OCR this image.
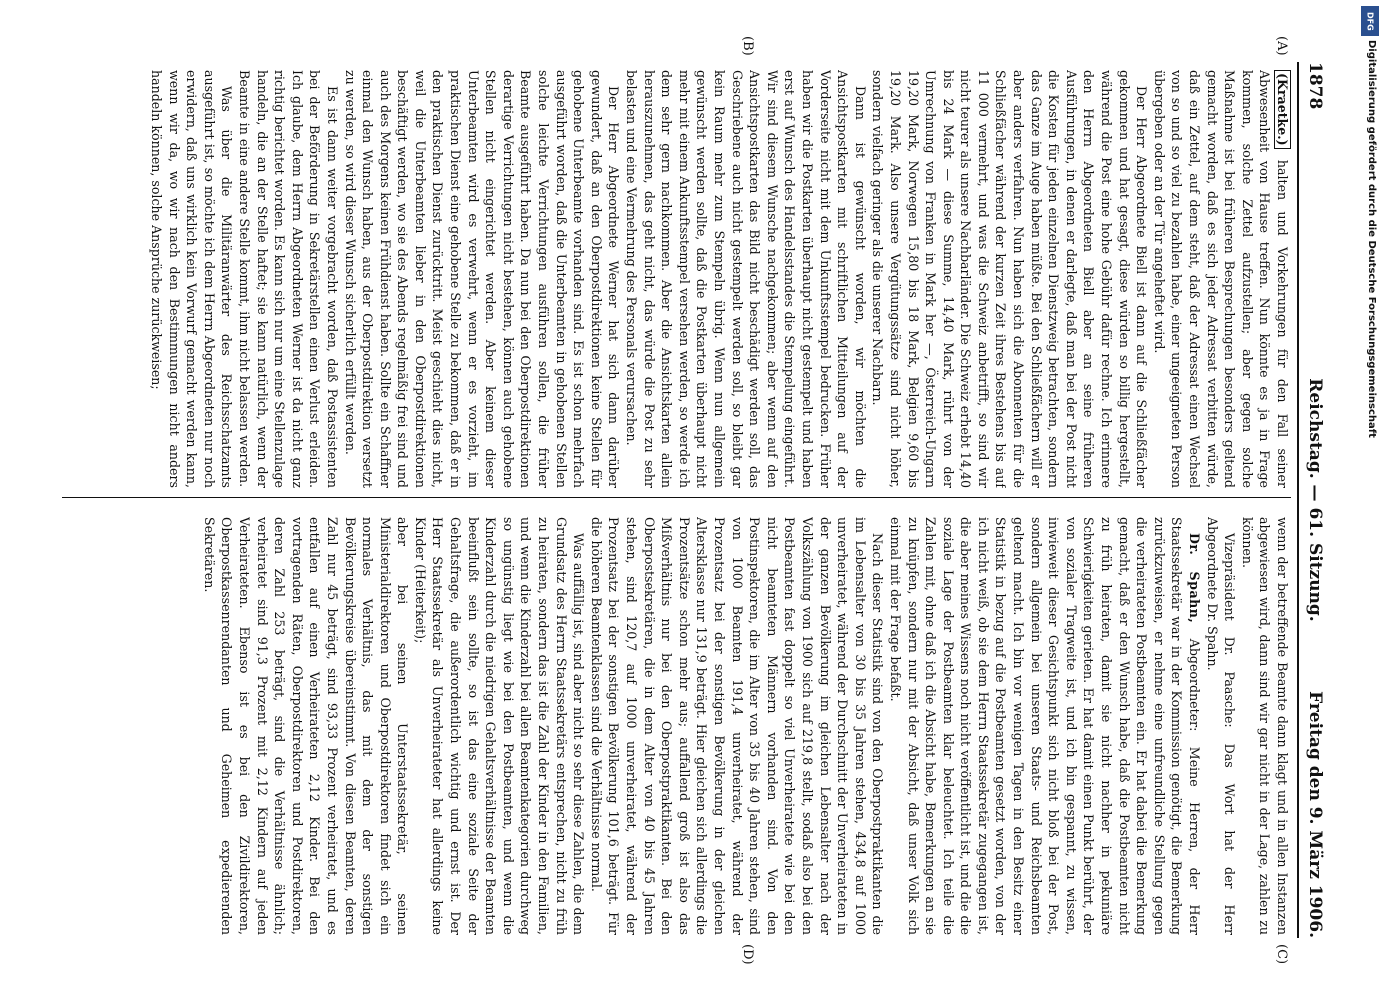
1878
Reichstag. — 61. Sitzung.
Freitag den 9. März 1906.
(A)
(B)
(C)
(D)

(Kraetke.) halten und Vorkehrungen für den Fall seiner Abwesenheit von Hause treffen. Nun könnte es ja in Frage kommen, solche Zettel aufzustellen; aber gegen solche Maßnahme ist bei früheren Besprechungen besonders geltend gemacht worden, daß es sich jeder Adressat verbitten würde, daß ein Zettel, auf dem steht, daß der Adressat einen Wechsel von so und so viel zu bezahlen habe, einer ungeeigneten Person übergeben oder an der Tür angeheftet wird.

Der Herr Abgeordnete Biell ist dann auf die Schließfächer gekommen und hat gesagt, diese würden so billig hergestellt, während die Post eine hohe Gebühr dafür rechne. Ich erinnere den Herrn Abgeordneten Biell aber an seine früheren Ausführungen, in denen er darlegte, daß man bei der Post nicht die Kosten für jeden einzelnen Dienstzweig betrachten, sondern das Ganze im Auge haben müßte. Bei den Schließfächern will er aber anders verfahren. Nun haben sich die Abonnenten für die Schließfächer während der kurzen Zeit ihres Bestehens bis auf 11 000 vermehrt, und was die Schweiz anbetrifft, so sind wir nicht teurer als unsere Nachbarländer. Die Schweiz erhebt 14,40 bis 24 Mark — diese Summe, 14,40 Mark, rührt von der Umrechnung von Franken in Mark her —, Österreich-Ungarn 19,20 Mark, Norwegen 15,80 bis 18 Mark, Belgien 9,60 bis 19,20 Mark. Also unsere Vergütungssätze sind nicht höher, sondern vielfach geringer als die unserer Nachbarn.

Dann ist gewünscht worden, wir möchten die Ansichtspostkarten mit schriftlichen Mitteilungen auf der Vorderseite nicht mit dem Unkunftsstempel bedrucken. Früher haben wir die Postkarten überhaupt nicht gestempelt und haben erst auf Wunsch des Handelsstandes die Stempelung eingeführt. Wir sind diesem Wunsche nachgekommen; aber wenn auf den Ansichtspostkarten das Bild nicht beschädigt werden soll, das Geschriebene auch nicht gestempelt werden soll, so bleibt gar kein Raum mehr zum Stempeln übrig. Wenn nun allgemein gewünscht werden sollte, daß die Postkarten überhaupt nicht mehr mit einem Ankunftsstempel versehen werden, so werde ich dem sehr gern nachkommen. Aber die Ansichtskarten allein herauszunehmen, das geht nicht, das würde die Post zu sehr belasten und eine Vermehrung des Personals verursachen.

Der Herr Abgeordnete Werner hat sich dann darüber gewundert, daß an den Oberpostdirektionen keine Stellen für gehobene Unterbeamte vorhanden sind. Es ist schon mehrfach ausgeführt worden, daß die Unterbeamten in gehobenen Stellen solche leichte Verrichtungen ausführen sollen, die früher Beamte ausgeführt haben. Da nun bei den Oberpostdirektionen derartige Verrichtungen nicht bestehen, können auch gehobene Stellen nicht eingerichtet werden. Aber keinem dieser Unterbeamten wird es verwehrt, wenn er es vorzieht, im praktischen Dienst eine gehobene Stelle zu bekommen, daß er in den praktischen Dienst zurücktritt. Meist geschieht dies nicht, weil die Unterbeamten lieber in den Oberpostdirektionen beschäftigt werden, wo sie des Abends regelmäßig frei sind und auch des Morgens keinen Frühdienst haben. Sollte ein Schaffner einmal den Wunsch haben, aus der Oberpostdirektion versetzt zu werden, so wird dieser Wunsch sicherlich erfüllt werden.

Es ist dann weiter vorgebracht worden, daß Postassistenten bei der Beförderung in Sekretärstellen einen Verlust erleiden. Ich glaube, dem Herrn Abgeordneten Werner ist da nicht ganz richtig berichtet worden. Es kann sich nur um eine Stellenzulage handeln, die an der Stelle haftet; sie kann natürlich, wenn der Beamte in eine andere Stelle kommt, ihm nicht belassen werden.

Was über die Militäranwärter des Reichsschatzamts ausgeführt ist, so möchte ich dem Herrn Abgeordneten nur noch erwidern, daß uns wirklich kein Vorwurf gemacht werden kann, wenn wir da, wo wir nach den Bestimmungen nicht anders handeln können, solche Ansprüche zurückweisen;

wenn der betreffende Beamte dann klagt und in allen Instanzen abgewiesen wird, dann sind wir gar nicht in der Lage, zahlen zu können.

Vizepräsident Dr. Paasche: Das Wort hat der Herr Abgeordnete Dr. Spahn.

Dr. Spahn, Abgeordneter: Meine Herren, der Herr Staatssekretär war in der Kommission genötigt, die Bemerkung zurückzuweisen, er nehme eine unfreundliche Stellung gegen die verheirateten Postbeamten ein. Er hat dabei die Bemerkung gemacht, daß er den Wunsch habe, daß die Postbeamten nicht zu früh heiraten, damit sie nicht nachher in pekuniäre Schwierigkeiten gerieten. Er hat damit einen Punkt berührt, der von sozialer Tragweite ist, und ich bin gespannt, zu wissen, inwieweit dieser Gesichtspunkt sich nicht bloß bei der Post, sondern allgemein bei unseren Staats- und Reichsbeamten geltend macht. Ich bin vor wenigen Tagen in den Besitz einer Statistik in bezug auf die Postbeamten gesetzt worden, von der ich nicht weiß, ob sie dem Herrn Staatssekretär zugegangen ist, die aber meines Wissens noch nicht veröffentlicht ist, und die die soziale Lage der Postbeamten klar beleuchtet. Ich teile die Zahlen mit, ohne daß ich die Absicht habe, Bemerkungen an sie zu knüpfen, sondern nur mit der Absicht, daß unser Volk sich einmal mit der Frage befaßt.

Nach dieser Statistik sind von den Oberpostpraktikanten die im Lebensalter von 30 bis 35 Jahren stehen, 434,8 auf 1000 unverheiratet, während der Durchschnitt der Unverheirateten in der ganzen Bevölkerung im gleichen Lebensalter nach der Volkszählung von 1900 sich auf 219,8 stellt, sodaß also bei den Postbeamten fast doppelt so viel Unverheiratete wie bei den nicht beamteten Männern vorhanden sind. Von den Postinspektoren, die im Alter von 35 bis 40 Jahren stehen, sind von 1000 Beamten 191,4 unverheiratet, während der Prozentsatz bei der sonstigen Bevölkerung in der gleichen Altersklasse nur 131,9 beträgt. Hier gleichen sich allerdings die Prozentsätze schon mehr aus; auffallend groß ist also das Mißverhältnis nur bei den Oberpostpraktikanten. Bei den Oberpostsekretären, die in dem Alter von 40 bis 45 Jahren stehen, sind 120,7 auf 1000 unverheiratet, während der Prozentsatz bei der sonstigen Bevölkerung 101,6 beträgt. Für die höheren Beamtenklassen sind die Verhältnisse normal.

Was auffällig ist, sind aber nicht so sehr diese Zahlen, die dem Grundsatz des Herrn Staatssekretärs entsprechen, nicht zu früh zu heiraten, sondern das ist die Zahl der Kinder in den Familien, und wenn die Kinderzahl bei allen Beamtenkategorien durchweg so ungünstig liegt wie bei den Postbeamten, und wenn die Kinderzahl durch die niedrigen Gehaltsverhältnisse der Beamten beeinflußt sein sollte, so ist das eine soziale Seite der Gehaltsfrage, die außerordentlich wichtig und ernst ist. Der Herr Staatssekretär als Unverheirateter hat allerdings keine Kinder (Heiterkeit);

aber bei seinen Unterstaatssekretär, seinen Ministerialdirektoren und Oberpostdirektoren findet sich ein normales Verhältnis, das mit dem der sonstigen Bevölkerungskreise übereinstimmt. Von diesen Beamten, deren Zahl nur 45 beträgt, sind 93,33 Prozent verheiratet, und es entfallen auf einen Verheirateten 2,12 Kinder. Bei den vortragenden Räten, Oberpostdirektoren und Postdirektoren, deren Zahl 253 beträgt, sind die Verhältnisse ähnlich; verheiratet sind 91,3 Prozent mit 2,12 Kindern auf jeden Verheirateten. Ebenso ist es bei den Zivildirektoren, Oberpostkassenrendanten und Geheimen expedierenden Sekretären.

DFG
Digitalisierung gefördert durch die Deutsche Forschungsgemeinschaft
